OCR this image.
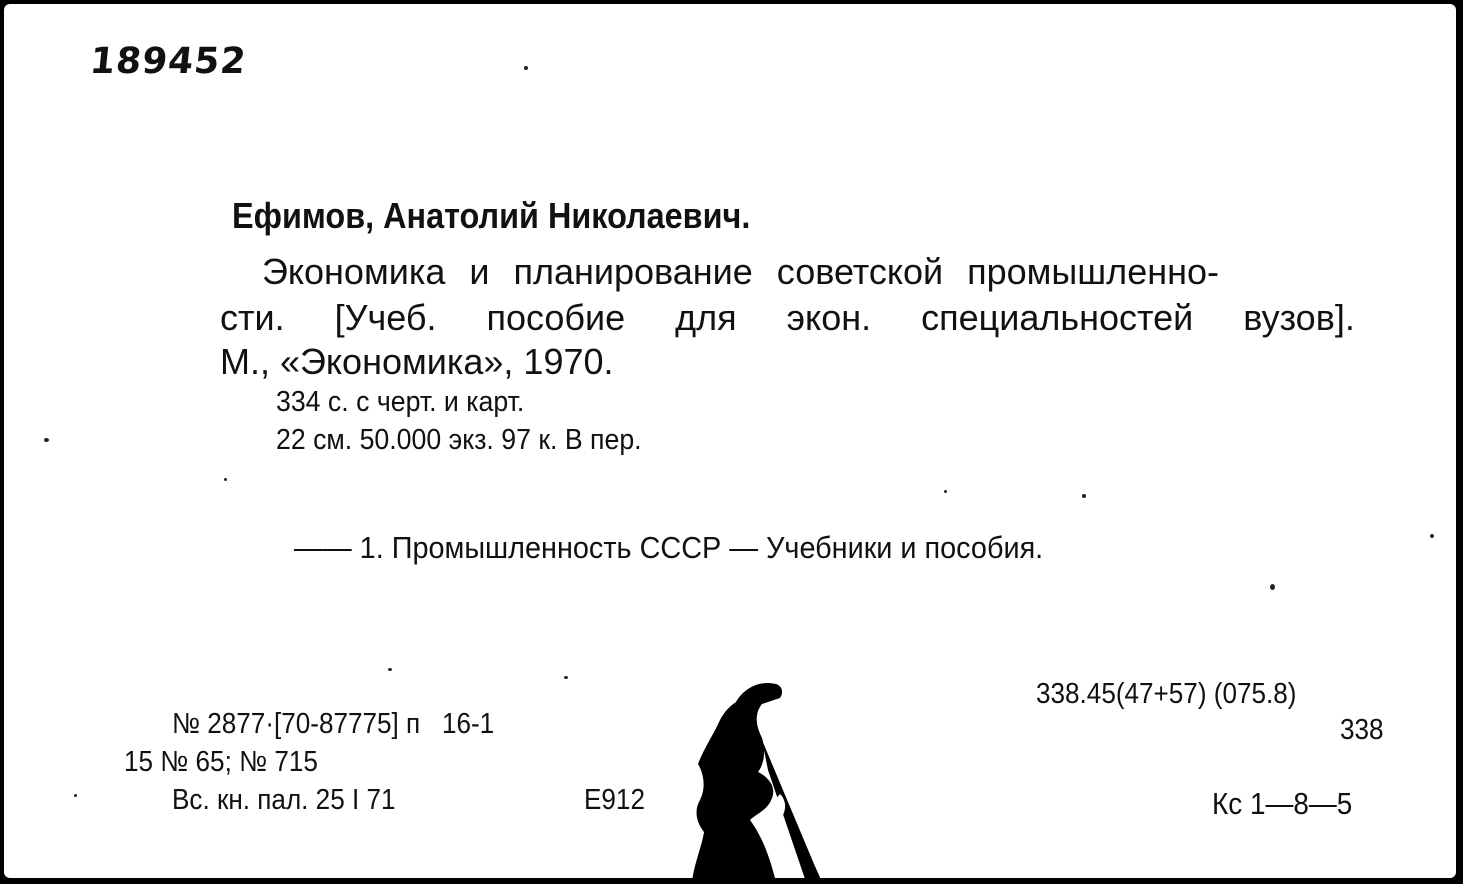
189452
Ефимов, Анатолий Николаевич.
Экономика и планирование советской промышленно-
сти. [Учеб. пособие для экон. специальностей вузов].
М., «Экономика», 1970.
334 с. с черт. и карт.
22 см. 50.000 экз. 97 к. В пер.
—— 1. Промышленность СССР — Учебники и пособия.
№ 2877·[70-87775] п   16-1
15 № 65; № 715
Вс. кн. пал. 25 I 71	Е912
338.45(47+57) (075.8)
338
Кс 1—8—5
